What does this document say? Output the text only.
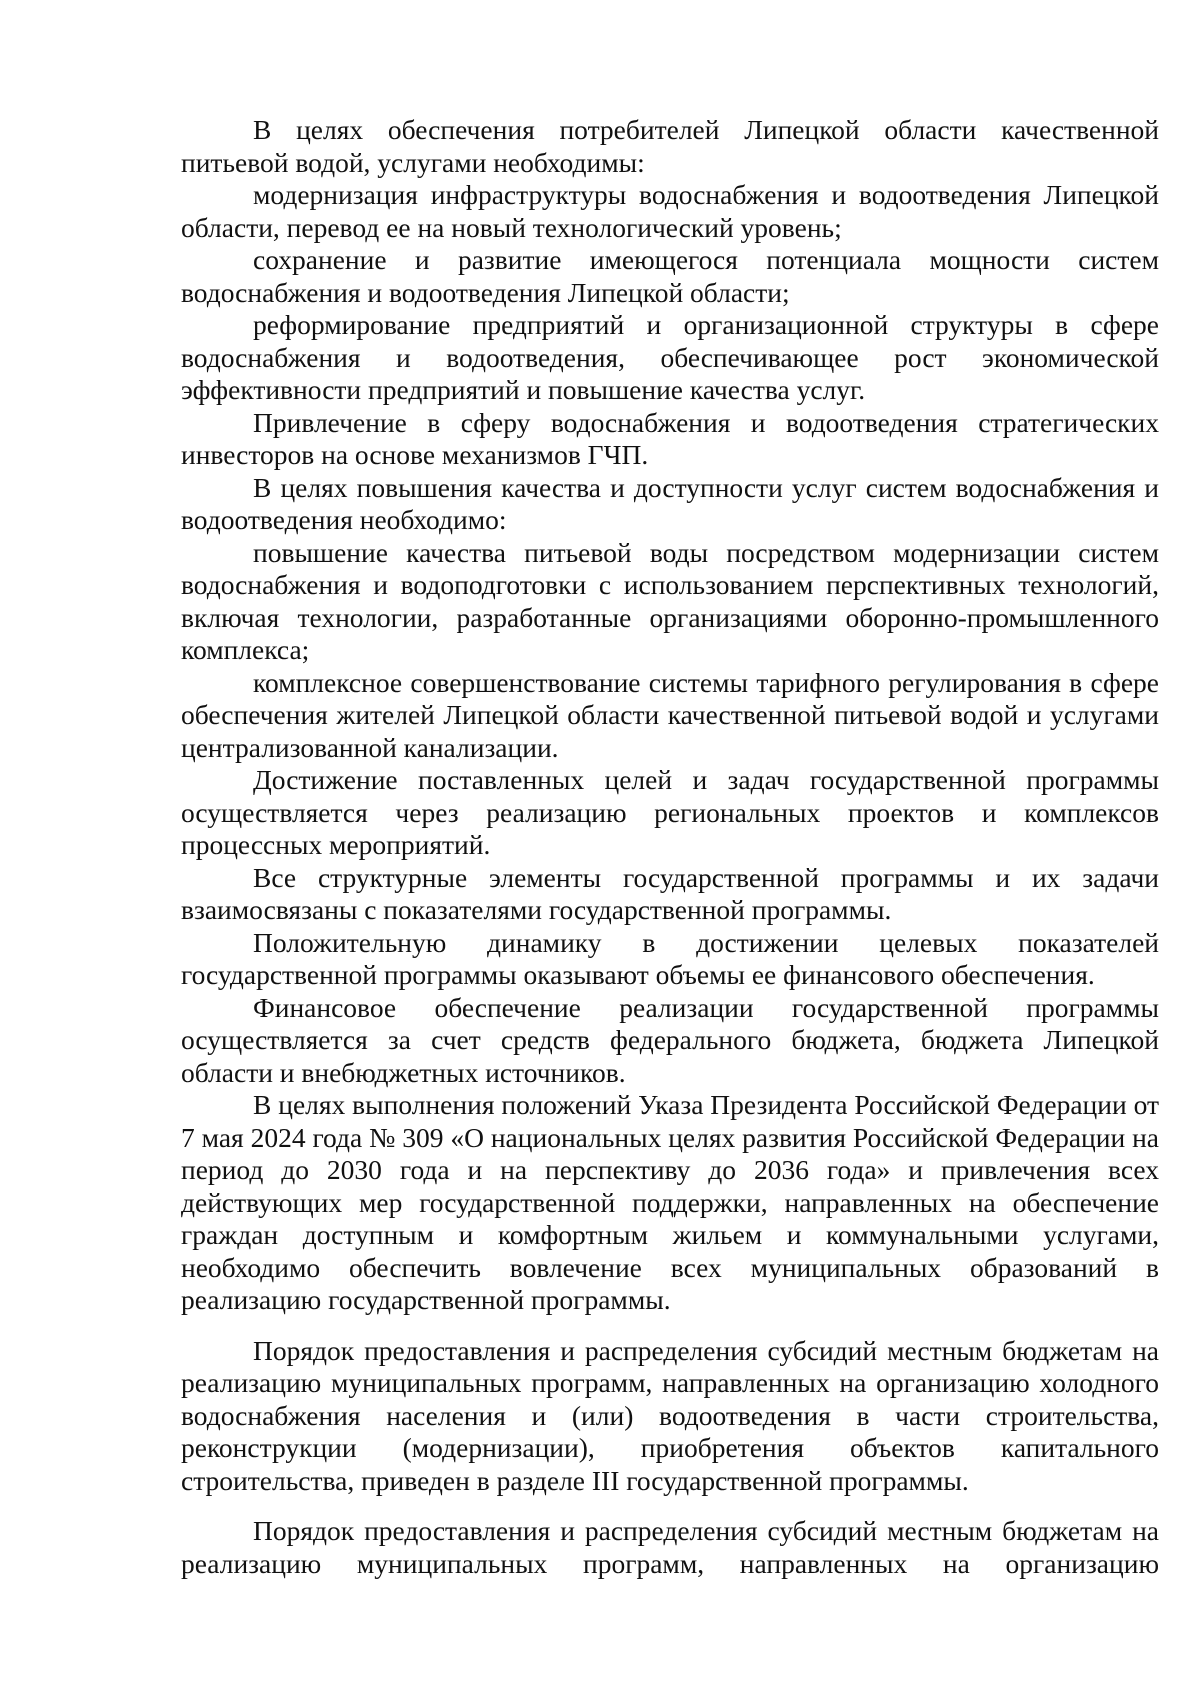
В целях обеспечения потребителей Липецкой области качественной питьевой водой, услугами необходимы:

модернизация инфраструктуры водоснабжения и водоотведения Липецкой области, перевод ее на новый технологический уровень;

сохранение и развитие имеющегося потенциала мощности систем водоснабжения и водоотведения Липецкой области;

реформирование предприятий и организационной структуры в сфере водоснабжения и водоотведения, обеспечивающее рост экономической эффективности предприятий и повышение качества услуг.

Привлечение в сферу водоснабжения и водоотведения стратегических инвесторов на основе механизмов ГЧП.

В целях повышения качества и доступности услуг систем водоснабжения и водоотведения необходимо:

повышение качества питьевой воды посредством модернизации систем водоснабжения и водоподготовки с использованием перспективных технологий, включая технологии, разработанные организациями оборонно-промышленного комплекса;

комплексное совершенствование системы тарифного регулирования в сфере обеспечения жителей Липецкой области качественной питьевой водой и услугами централизованной канализации.

Достижение поставленных целей и задач государственной программы осуществляется через реализацию региональных проектов и комплексов процессных мероприятий.

Все структурные элементы государственной программы и их задачи взаимосвязаны с показателями государственной программы.

Положительную динамику в достижении целевых показателей государственной программы оказывают объемы ее финансового обеспечения.

Финансовое обеспечение реализации государственной программы осуществляется за счет средств федерального бюджета, бюджета Липецкой области и внебюджетных источников.

В целях выполнения положений Указа Президента Российской Федерации от 7 мая 2024 года № 309 «О национальных целях развития Российской Федерации на период до 2030 года и на перспективу до 2036 года» и привлечения всех действующих мер государственной поддержки, направленных на обеспечение граждан доступным и комфортным жильем и коммунальными услугами, необходимо обеспечить вовлечение всех муниципальных образований в реализацию государственной программы.

Порядок предоставления и распределения субсидий местным бюджетам на реализацию муниципальных программ, направленных на организацию холодного водоснабжения населения и (или) водоотведения в части строительства, реконструкции (модернизации), приобретения объектов капитального строительства, приведен в разделе III государственной программы.

Порядок предоставления и распределения субсидий местным бюджетам на реализацию муниципальных программ, направленных на организацию
